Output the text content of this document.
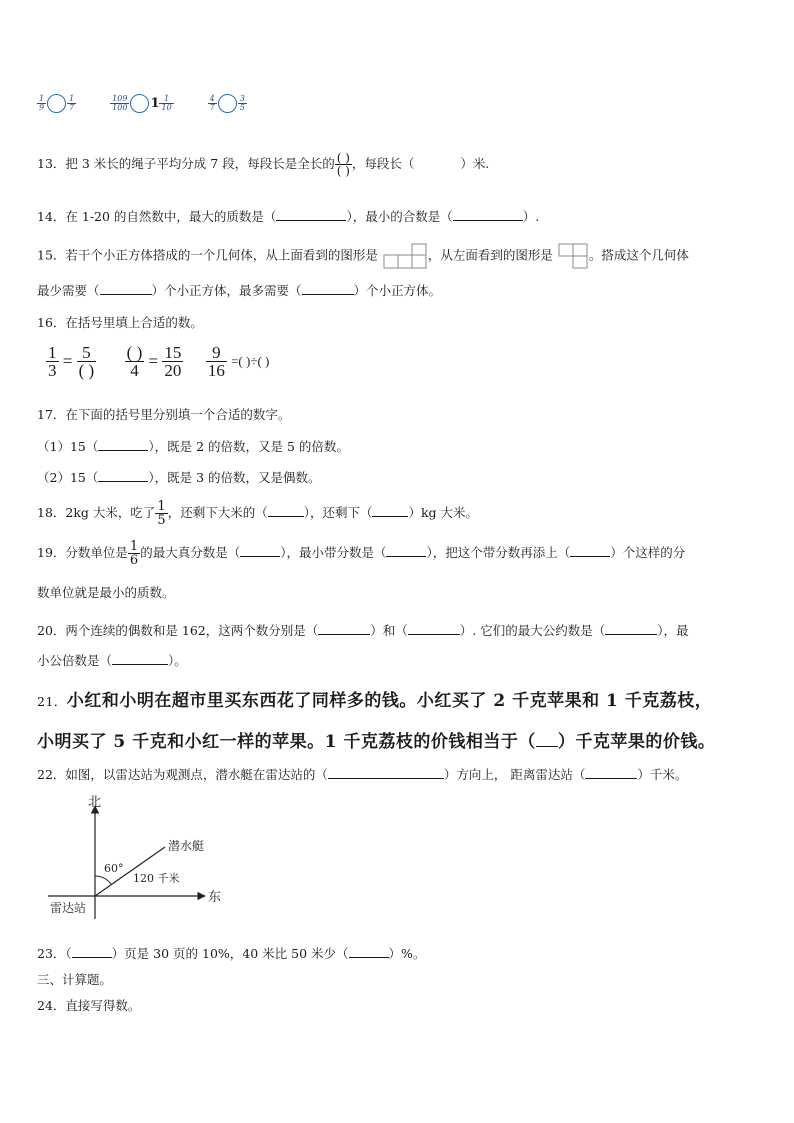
$\frac{1}{9}$	$\frac{1}{7}$
	$\frac{109}{100} 1 \frac{1}{10}$
	$\frac{4}{7}$	$\frac{3}{5}$
13．把 3 米长的绳子平均分成 7 段，每段长是全长的 $\frac{( )}{( )}$ ，每段长（	）米.
14．在 1-20 的自然数中，最大的质数是（	），最小的合数是（	）.
15．若干个小正方体搭成的一个几何体，从上面看到的图形是	，从左面看到的图形是	。搭成这个几何体
最少需要（	）个小正方体，最多需要（	）个小正方体。
16．在括号里填上合适的数。
$\frac{1}{3} = \frac{5}{( )}$
$\frac{( )}{4} = \frac{15}{20}$
$\frac{9}{16}$ =( )÷( )
17．在下面的括号里分别填一个合适的数字。
（1）15（	），既是 2 的倍数，又是 5 的倍数。
（2）15（	），既是 3 的倍数，又是偶数。
18．2kg 大米，吃了 $\frac{1}{5}$ ，还剩下大米的（	），还剩下（	）kg 大米。
19．分数单位是 $\frac{1}{6}$ 的最大真分数是（	），最小带分数是（	），把这个带分数再添上（	）个这样的分
数单位就是最小的质数。
20．两个连续的偶数和是 162，这两个数分别是（	）和（	）. 它们的最大公约数是（	），最
小公倍数是（	）。
21．小红和小明在超市里买东西花了同样多的钱。小红买了 2 千克苹果和 1 千克荔枝，
小明买了 5 千克和小红一样的苹果。1 千克荔枝的价钱相当于（ ）千克苹果的价钱。
22．如图，以雷达站为观测点，潜水艇在雷达站的（	）方向上， 距离雷达站（	）千米。
北
东
雷达站
潜水艇
60°
120 千米
23．（	）页是 30 页的 10%，40 米比 50 米少（	）%。
三、计算题。
24．直接写得数。
